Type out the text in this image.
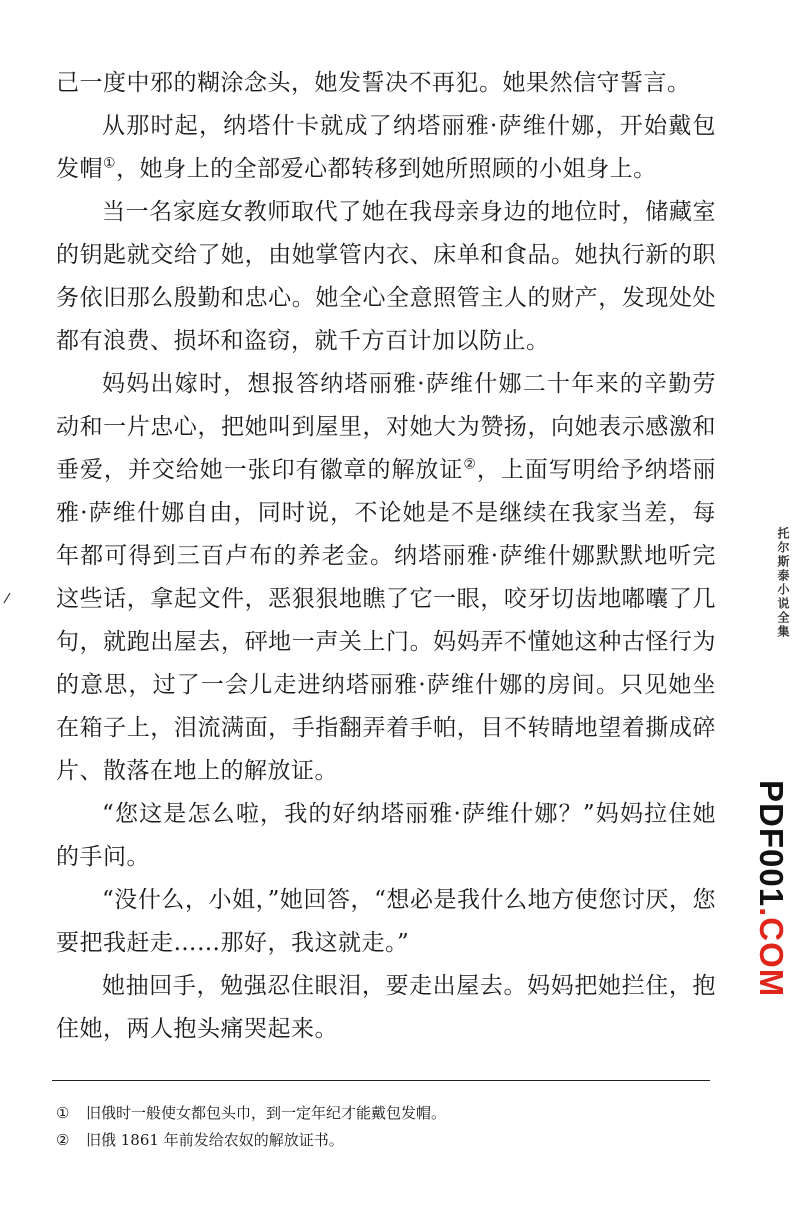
己一度中邪的糊涂念头，她发誓决不再犯。她果然信守誓言。

从那时起，纳塔什卡就成了纳塔丽雅·萨维什娜，开始戴包发帽①，她身上的全部爱心都转移到她所照顾的小姐身上。

当一名家庭女教师取代了她在我母亲身边的地位时，储藏室的钥匙就交给了她，由她掌管内衣、床单和食品。她执行新的职务依旧那么殷勤和忠心。她全心全意照管主人的财产，发现处处都有浪费、损坏和盗窃，就千方百计加以防止。

妈妈出嫁时，想报答纳塔丽雅·萨维什娜二十年来的辛勤劳动和一片忠心，把她叫到屋里，对她大为赞扬，向她表示感激和垂爱，并交给她一张印有徽章的解放证②，上面写明给予纳塔丽雅·萨维什娜自由，同时说，不论她是不是继续在我家当差，每年都可得到三百卢布的养老金。纳塔丽雅·萨维什娜默默地听完这些话，拿起文件，恶狠狠地瞧了它一眼，咬牙切齿地嘟囔了几句，就跑出屋去，砰地一声关上门。妈妈弄不懂她这种古怪行为的意思，过了一会儿走进纳塔丽雅·萨维什娜的房间。只见她坐在箱子上，泪流满面，手指翻弄着手帕，目不转睛地望着撕成碎片、散落在地上的解放证。

“您这是怎么啦，我的好纳塔丽雅·萨维什娜？”妈妈拉住她的手问。

“没什么，小姐，”她回答，“想必是我什么地方使您讨厌，您要把我赶走……那好，我这就走。”

她抽回手，勉强忍住眼泪，要走出屋去。妈妈把她拦住，抱住她，两人抱头痛哭起来。

①	旧俄时一般使女都包头巾，到一定年纪才能戴包发帽。

②	旧俄 1861 年前发给农奴的解放证书。

托尔斯泰小说全集
PDF001.COM
